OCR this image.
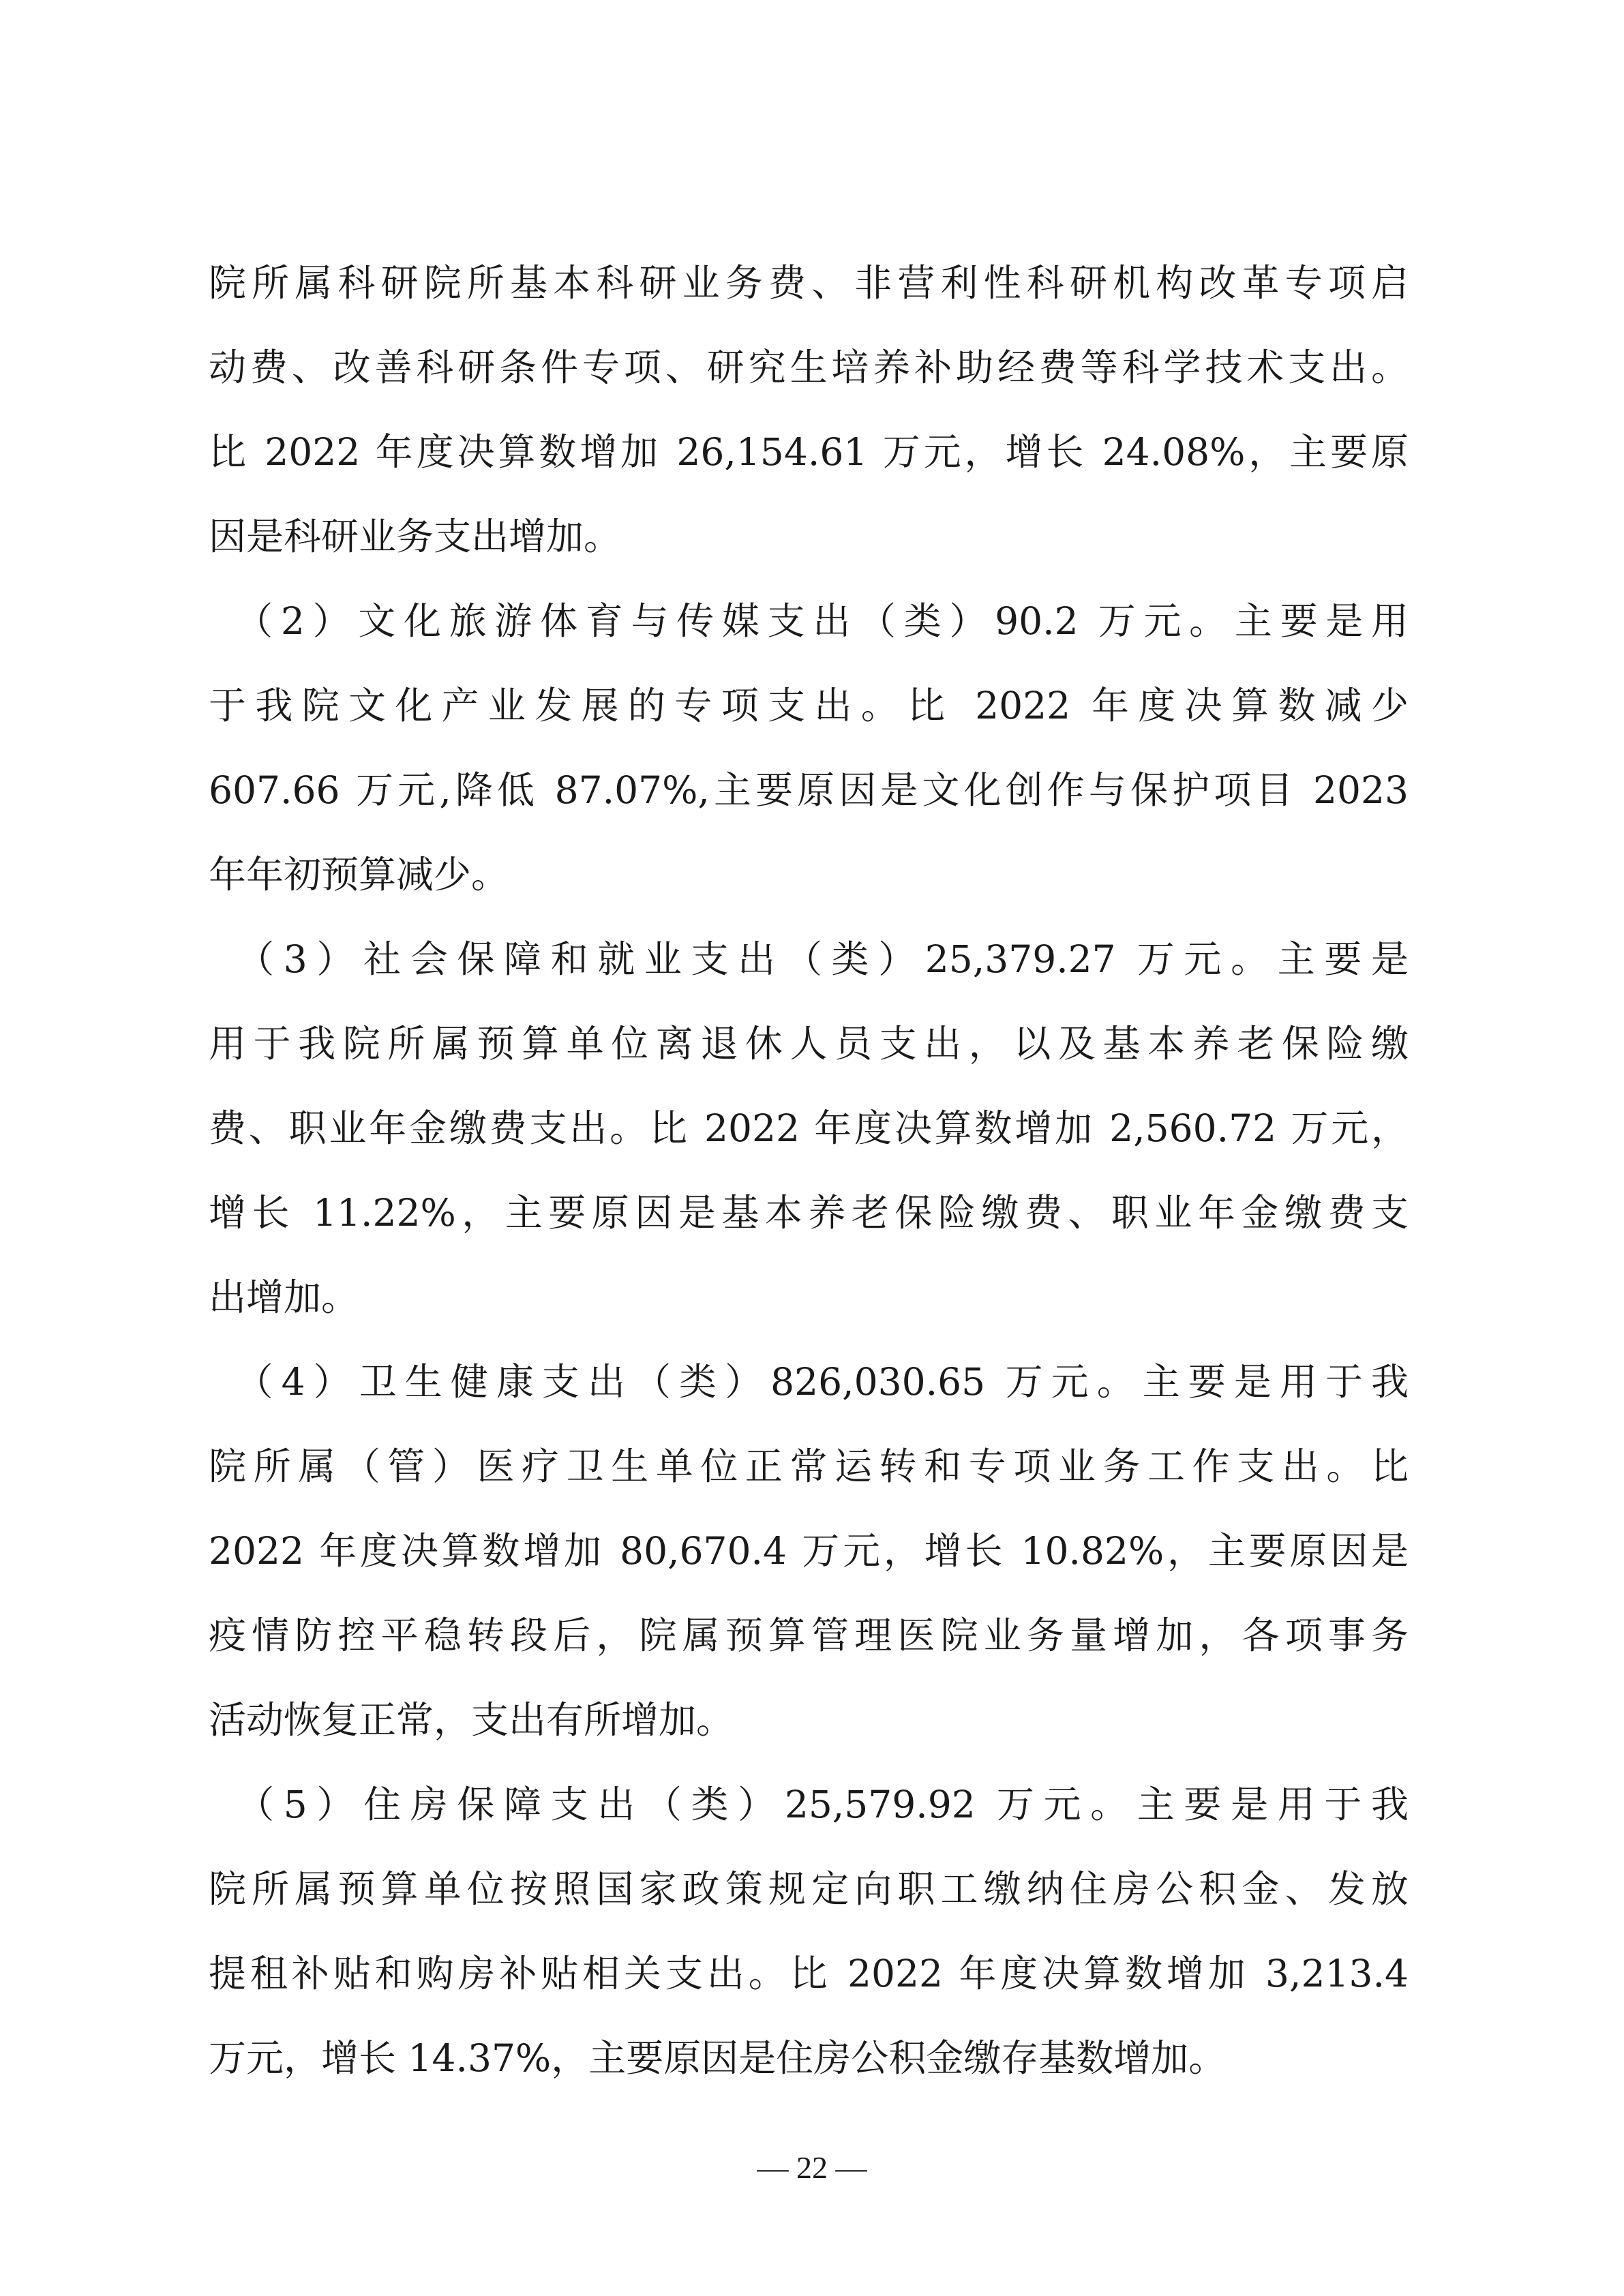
院所属科研院所基本科研业务费、非营利性科研机构改革专项启
动费、改善科研条件专项、研究生培养补助经费等科学技术支出。
比 2022 年度决算数增加 26,154.61 万元，增长 24.08%，主要原
因是科研业务支出增加。
　（2）文化旅游体育与传媒支出（类）90.2 万元。主要是用
于我院文化产业发展的专项支出。比 2022 年度决算数减少
607.66 万元,降低 87.07%,主要原因是文化创作与保护项目 2023
年年初预算减少。
　（3）社会保障和就业支出（类）25,379.27 万元。主要是
用于我院所属预算单位离退休人员支出，以及基本养老保险缴
费、职业年金缴费支出。比 2022 年度决算数增加 2,560.72 万元，
增长 11.22%，主要原因是基本养老保险缴费、职业年金缴费支
出增加。
　（4）卫生健康支出（类）826,030.65 万元。主要是用于我
院所属（管）医疗卫生单位正常运转和专项业务工作支出。比
2022 年度决算数增加 80,670.4 万元，增长 10.82%，主要原因是
疫情防控平稳转段后，院属预算管理医院业务量增加，各项事务
活动恢复正常，支出有所增加。
　（5）住房保障支出（类）25,579.92 万元。主要是用于我
院所属预算单位按照国家政策规定向职工缴纳住房公积金、发放
提租补贴和购房补贴相关支出。比 2022 年度决算数增加 3,213.4
万元，增长 14.37%，主要原因是住房公积金缴存基数增加。
— 22 —
